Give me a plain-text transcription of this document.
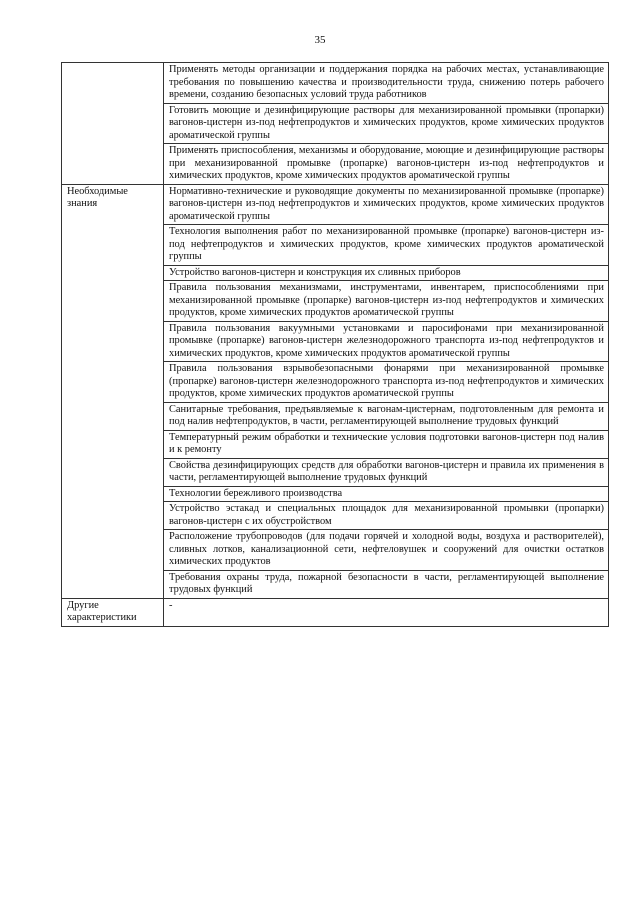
35
	Применять методы организации и поддержания порядка на рабочих местах, устанавливающие требования по повышению качества и производительности труда, снижению потерь рабочего времени, созданию безопасных условий труда работников
	Готовить моющие и дезинфицирующие растворы для механизированной промывки (пропарки) вагонов-цистерн из-под нефтепродуктов и химических продуктов, кроме химических продуктов ароматической группы
	Применять приспособления, механизмы и оборудование, моющие и дезинфицирующие растворы при механизированной промывке (пропарке) вагонов-цистерн из-под нефтепродуктов и химических продуктов, кроме химических продуктов ароматической группы
Необходимые знания	Нормативно-технические и руководящие документы по механизированной промывке (пропарке) вагонов-цистерн из-под нефтепродуктов и химических продуктов, кроме химических продуктов ароматической группы
	Технология выполнения работ по механизированной промывке (пропарке) вагонов-цистерн из-под нефтепродуктов и химических продуктов, кроме химических продуктов ароматической группы
	Устройство вагонов-цистерн и конструкция их сливных приборов
	Правила пользования механизмами, инструментами, инвентарем, приспособлениями при механизированной промывке (пропарке) вагонов-цистерн из-под нефтепродуктов и химических продуктов, кроме химических продуктов ароматической группы
	Правила пользования вакуумными установками и паросифонами при механизированной промывке (пропарке) вагонов-цистерн железнодорожного транспорта из-под нефтепродуктов и химических продуктов, кроме химических продуктов ароматической группы
	Правила пользования взрывобезопасными фонарями при механизированной промывке (пропарке) вагонов-цистерн железнодорожного транспорта из-под нефтепродуктов и химических продуктов, кроме химических продуктов ароматической группы
	Санитарные требования, предъявляемые к вагонам-цистернам, подготовленным для ремонта и под налив нефтепродуктов, в части, регламентирующей выполнение трудовых функций
	Температурный режим обработки и технические условия подготовки вагонов-цистерн под налив и к ремонту
	Свойства дезинфицирующих средств для обработки вагонов-цистерн и правила их применения в части, регламентирующей выполнение трудовых функций
	Технологии бережливого производства
	Устройство эстакад и специальных площадок для механизированной промывки (пропарки) вагонов-цистерн с их обустройством
	Расположение трубопроводов (для подачи горячей и холодной воды, воздуха и растворителей), сливных лотков, канализационной сети, нефтеловушек и сооружений для очистки остатков химических продуктов
	Требования охраны труда, пожарной безопасности в части, регламентирующей выполнение трудовых функций
Другие характеристики	-
